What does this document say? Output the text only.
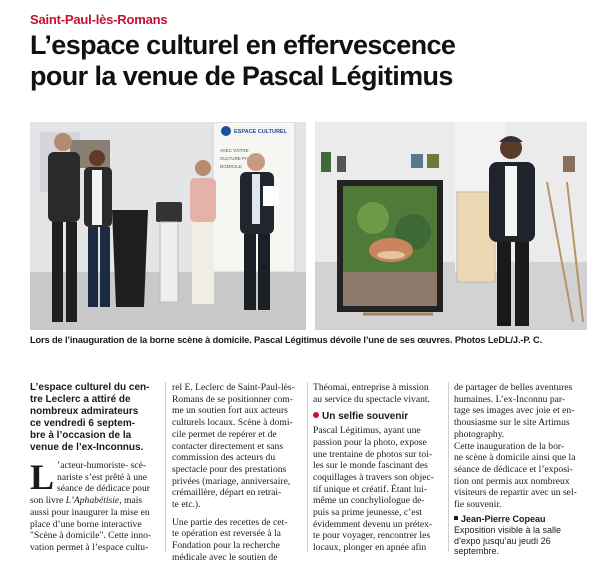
Saint-Paul-lès-Romans
L’espace culturel en effervescence
pour la venue de Pascal Légitimus
ESPACE CULTUREL
AVEC VOTRE
CULTURE PA
DOMICILE
Lors de l’inauguration de la borne scène à domicile. Pascal Légitimus dévoile l’une de ses œuvres. Photos LeDL/J.-P. C.

L’espace culturel du cen-
tre Leclerc a attiré de
nombreux admirateurs
ce vendredi 6 septem-
bre à l’occasion de la
venue de l’ex-Inconnus.

L ’acteur-humoriste- scé-
nariste s’est prêté à une
séance de dédicace pour
son livre L’Aphabétisie, mais
aussi pour inaugurer la mise en
place d’une borne interactive
"Scène à domicile". Cette inno-
vation permet à l’espace cultu-

rel E. Leclerc de Saint-Paul-lès-
Romans de se positionner com-
me un soutien fort aux acteurs
culturels locaux. Scène à domi-
cile permet de repérer et de
contacter directement et sans
commission des acteurs du
spectacle pour des prestations
privées (mariage, anniversaire,
crémaillère, départ en retrai-
te etc.).

Une partie des recettes de cet-
te opération est reversée à la
Fondation pour la recherche
médicale avec le soutien de

Théomai, entreprise à mission
au service du spectacle vivant.

Un selfie souvenir

Pascal Légitimus, ayant une
passion pour la photo, expose
une trentaine de photos sur toi-
les sur le monde fascinant des
coquillages à travers son objec-
tif unique et créatif. Étant lui-
même un conchyliologue de-
puis sa prime jeunesse, c’est
évidemment devenu un prétex-
te pour voyager, rencontrer les
locaux, plonger en apnée afin

de partager de belles aventures
humaines. L’ex-Inconnu par-
tage ses images avec joie et en-
thousiasme sur le site Artimus
photography.
Cette inauguration de la bor-
ne scène à domicile ainsi que la
séance de dédicace et l’exposi-
tion ont permis aux nombreux
visiteurs de repartir avec un sel-
fie souvenir.

Jean-Pierre Copeau

Exposition visible à la salle
d’expo jusqu’au jeudi 26
septembre.
